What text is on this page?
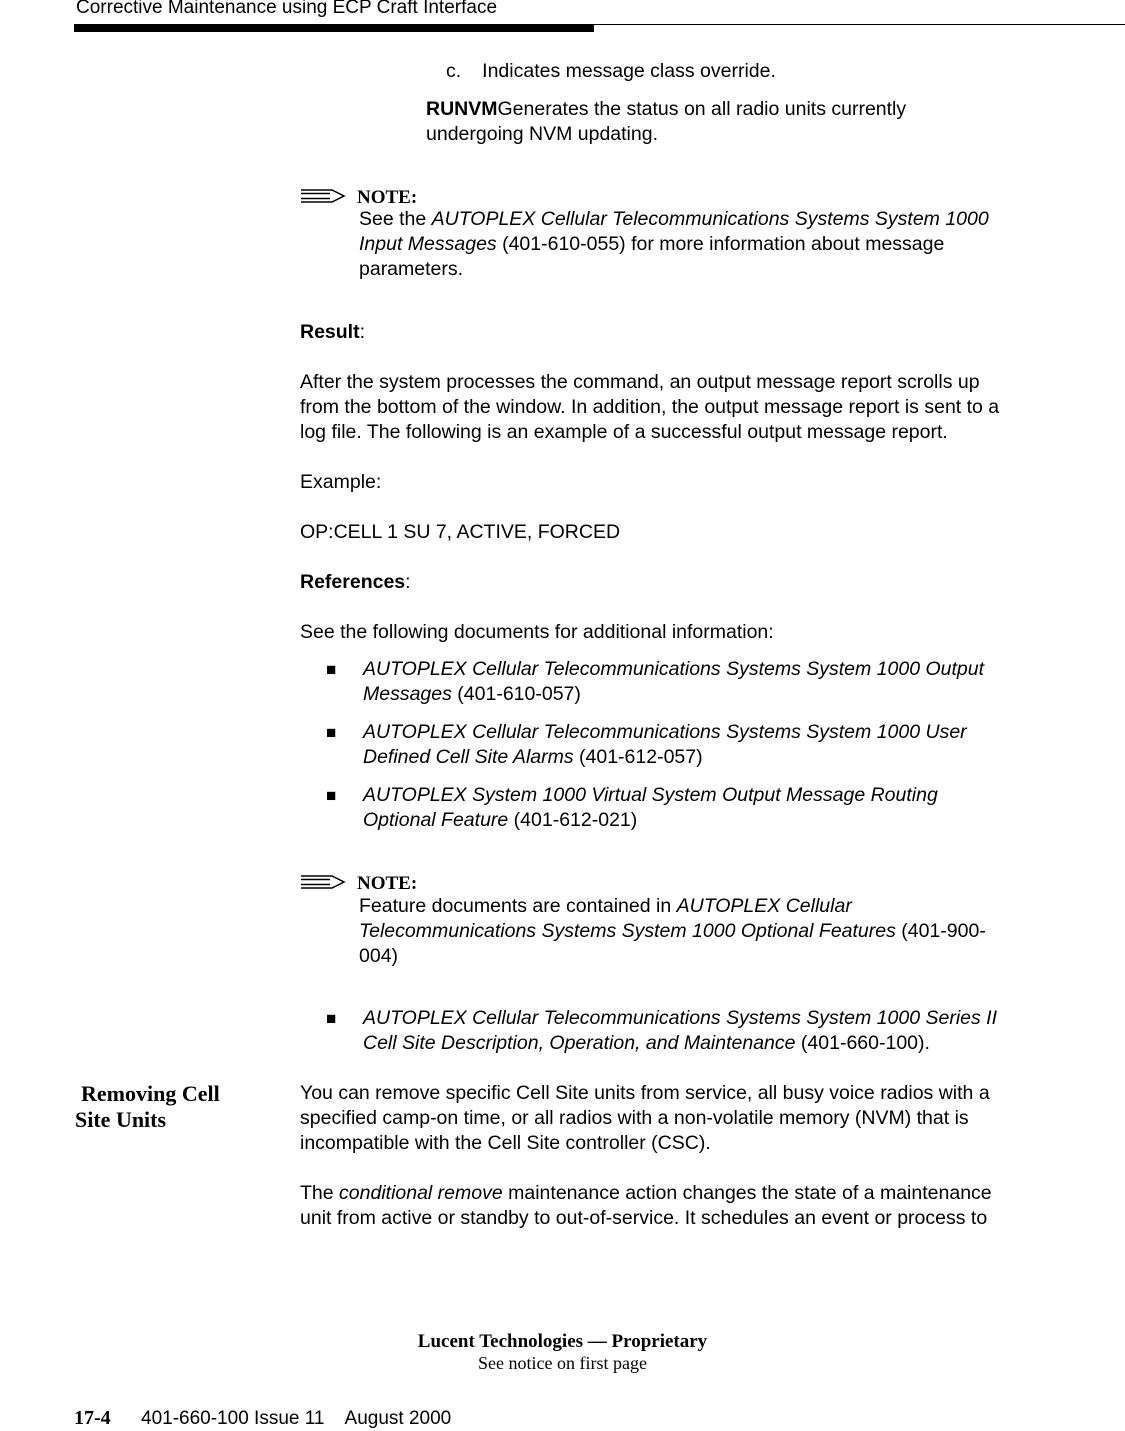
Corrective Maintenance using ECP Craft Interface
c. Indicates message class override.
RUNVMGenerates the status on all radio units currently
undergoing NVM updating.
NOTE:
See the AUTOPLEX Cellular Telecommunications Systems System 1000
Input Messages (401-610-055) for more information about message
parameters.
Result:
After the system processes the command, an output message report scrolls up
from the bottom of the window. In addition, the output message report is sent to a
log file. The following is an example of a successful output message report.
Example:
OP:CELL 1 SU 7, ACTIVE, FORCED
References:
See the following documents for additional information:
■ AUTOPLEX Cellular Telecommunications Systems System 1000 Output
Messages (401-610-057)
■ AUTOPLEX Cellular Telecommunications Systems System 1000 User
Defined Cell Site Alarms (401-612-057)
■ AUTOPLEX System 1000 Virtual System Output Message Routing
Optional Feature (401-612-021)
NOTE:
Feature documents are contained in AUTOPLEX Cellular
Telecommunications Systems System 1000 Optional Features (401-900-
004)
■ AUTOPLEX Cellular Telecommunications Systems System 1000 Series II
Cell Site Description, Operation, and Maintenance (401-660-100).
Removing Cell
Site Units
You can remove specific Cell Site units from service, all busy voice radios with a
specified camp-on time, or all radios with a non-volatile memory (NVM) that is
incompatible with the Cell Site controller (CSC).
The conditional remove maintenance action changes the state of a maintenance
unit from active or standby to out-of-service. It schedules an event or process to
Lucent Technologies — Proprietary
See notice on first page
17-4 401-660-100 Issue 11    August 2000
